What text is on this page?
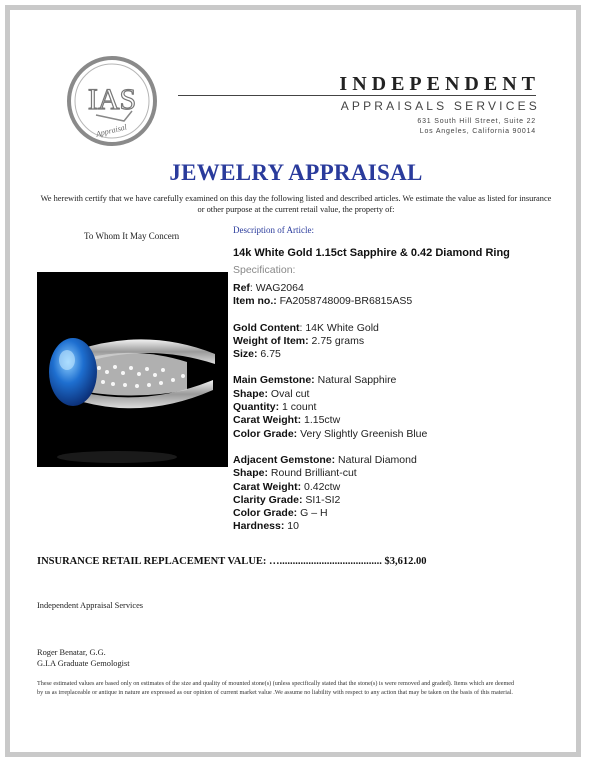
IAS
Appraisal
INDEPENDENT
APPRAISALS SERVICES
631 South Hill Street, Suite 22
Los Angeles, California 90014
JEWELRY APPRAISAL
We herewith certify that we have carefully examined on this day the following listed and described articles. We estimate the value as listed for insurance or other purpose at the current retail value, the property of:
To Whom It May Concern
Description of Article:
14k White Gold 1.15ct Sapphire & 0.42 Diamond Ring
Specification:
Ref: WAG2064
Item no.: FA2058748009-BR6815AS5
Gold Content: 14K White Gold
Weight of Item: 2.75 grams
Size: 6.75
Main Gemstone: Natural Sapphire
Shape: Oval cut
Quantity: 1 count
Carat Weight: 1.15ctw
Color Grade: Very Slightly Greenish Blue
Adjacent Gemstone: Natural Diamond
Shape: Round Brilliant-cut
Carat Weight: 0.42ctw
Clarity Grade: SI1-SI2
Color Grade: G – H
Hardness: 10
INSURANCE RETAIL REPLACEMENT VALUE: …....................................... $3,612.00
Independent Appraisal Services
Roger Benatar, G.G.
G.I.A Graduate Gemologist
These estimated values are based only on estimates of the size and quality of mounted stone(s) (unless specifically stated that the stone(s) is were removed and graded). Items which are deemed by us as irreplaceable or antique in nature are expressed as our opinion of current market value .We assume no liability with respect to any action that may be taken on the basis of this material.
